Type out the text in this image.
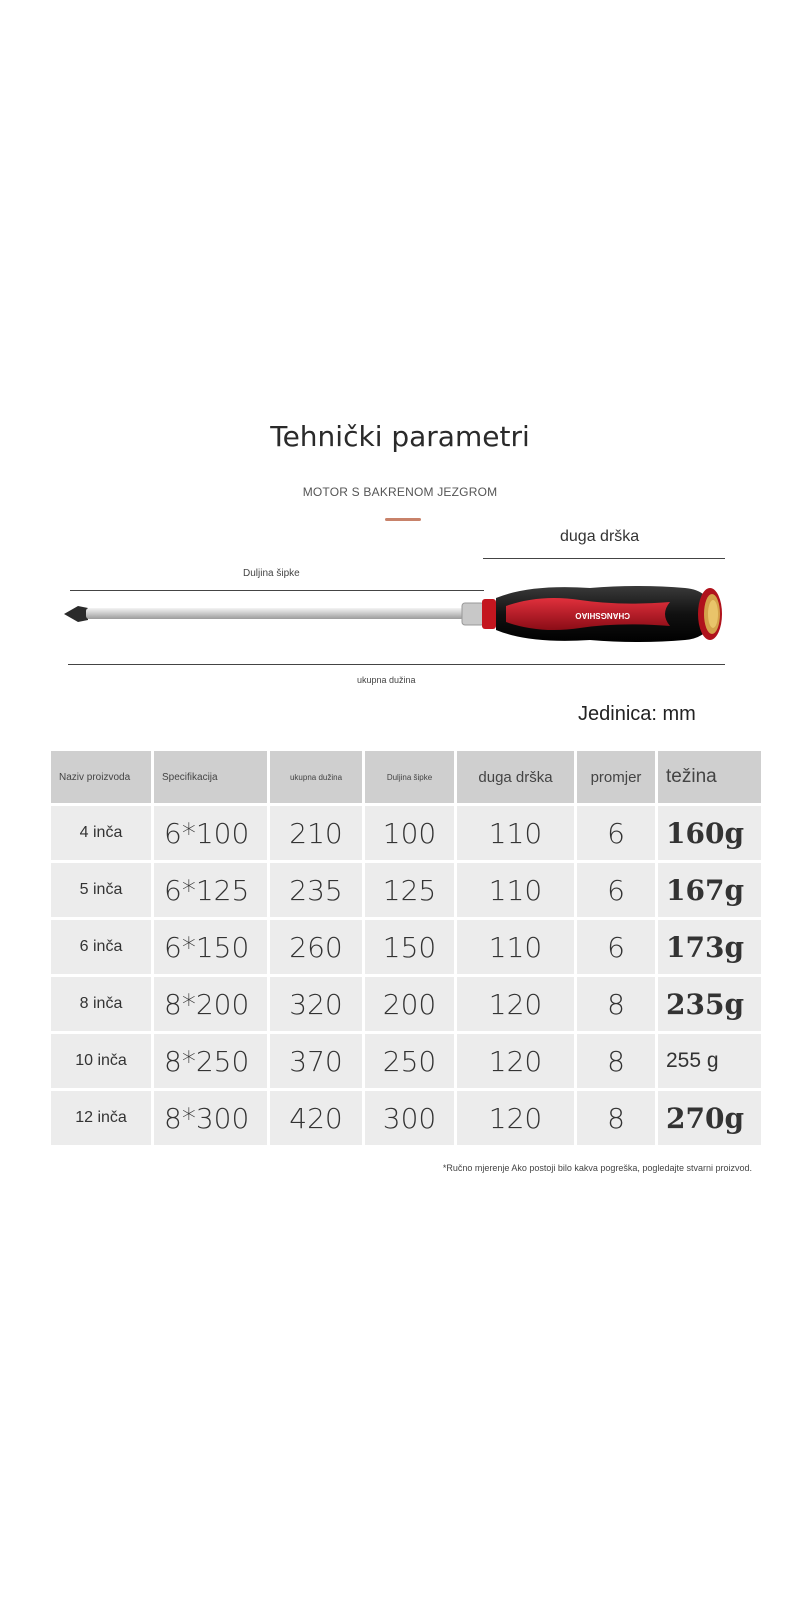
Tehnički parametri
MOTOR S BAKRENOM JEZGROM
duga drška
Duljina šipke
CHANGSHIAO
ukupna dužina
Jedinica: mm
Naziv proizvoda	Specifikacija	ukupna dužina	Duljina šipke	duga drška	promjer	težina
4 inča	6*100	210	100	110	6	160g
5 inča	6*125	235	125	110	6	167g
6 inča	6*150	260	150	110	6	173g
8 inča	8*200	320	200	120	8	235g
10 inča	8*250	370	250	120	8	255 g
12 inča	8*300	420	300	120	8	270g
*Ručno mjerenje Ako postoji bilo kakva pogreška, pogledajte stvarni proizvod.
